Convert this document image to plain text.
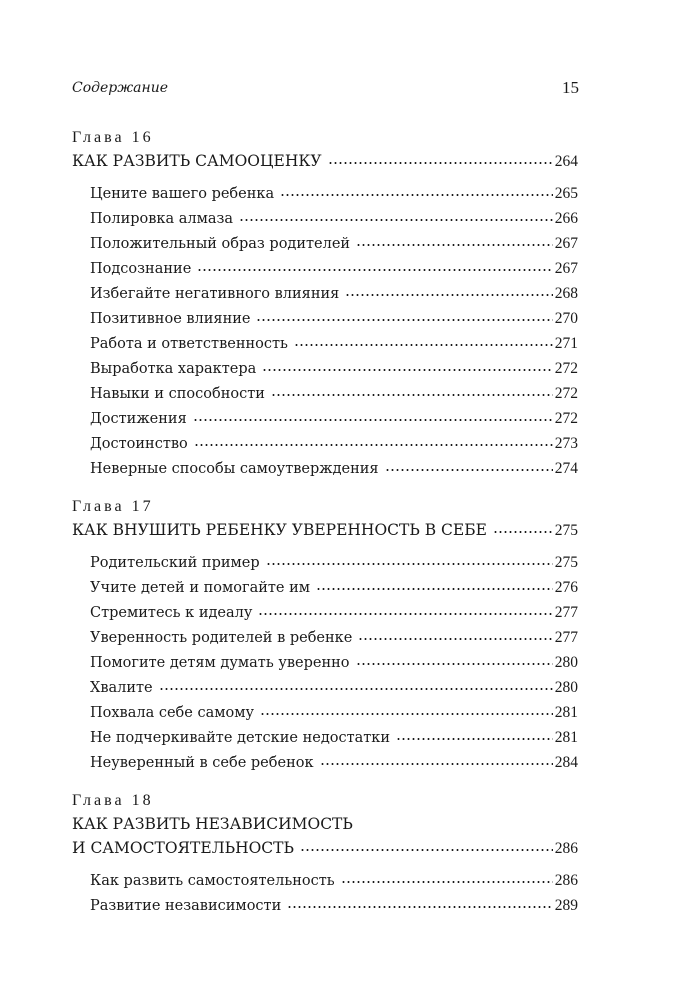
Содержание	15
Глава 16
КАК РАЗВИТЬ САМООЦЕНКУ	264
Цените вашего ребенка	265
Полировка алмаза	266
Положительный образ родителей	267
Подсознание	267
Избегайте негативного влияния	268
Позитивное влияние	270
Работа и ответственность	271
Выработка характера	272
Навыки и способности	272
Достижения	272
Достоинство	273
Неверные способы самоутверждения	274
Глава 17
КАК ВНУШИТЬ РЕБЕНКУ УВЕРЕННОСТЬ В СЕБЕ	275
Родительский пример	275
Учите детей и помогайте им	276
Стремитесь к идеалу	277
Уверенность родителей в ребенке	277
Помогите детям думать уверенно	280
Хвалите	280
Похвала себе самому	281
Не подчеркивайте детские недостатки	281
Неуверенный в себе ребенок	284
Глава 18
КАК РАЗВИТЬ НЕЗАВИСИМОСТЬ
И САМОСТОЯТЕЛЬНОСТЬ	286
Как развить самостоятельность	286
Развитие независимости	289
